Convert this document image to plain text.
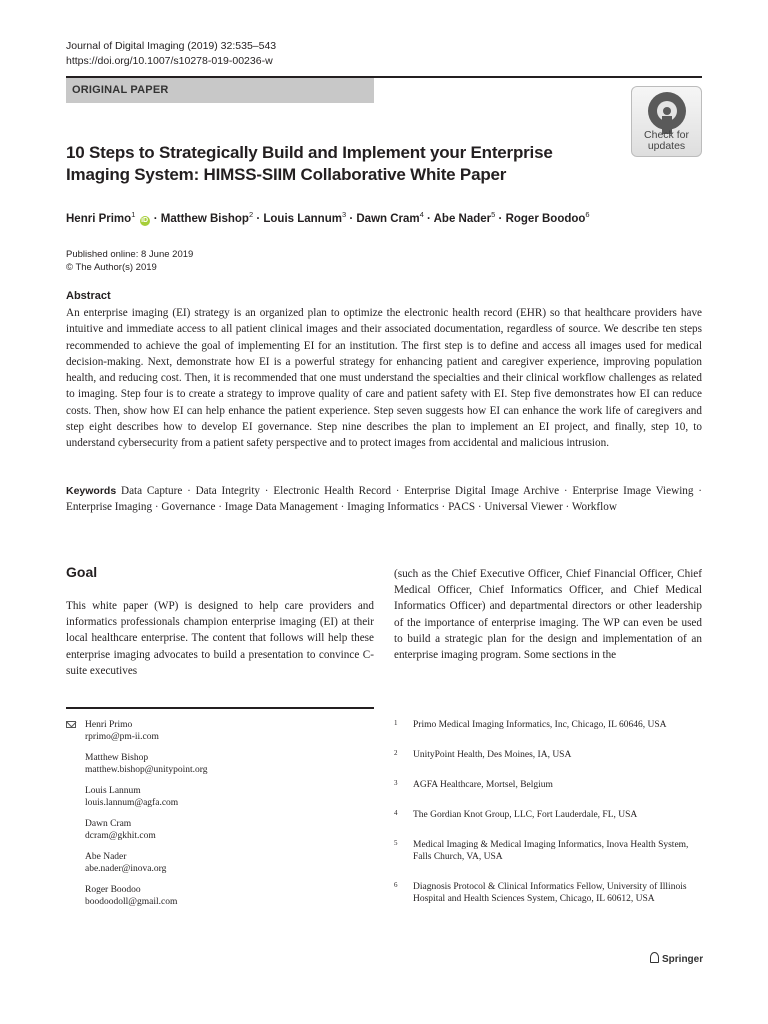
Journal of Digital Imaging (2019) 32:535–543
https://doi.org/10.1007/s10278-019-00236-w
ORIGINAL PAPER
Check for
updates
10 Steps to Strategically Build and Implement your Enterprise Imaging System: HIMSS-SIIM Collaborative White Paper
Henri Primo$^1$ iD · Matthew Bishop$^2$ · Louis Lannum$^3$ · Dawn Cram$^4$ · Abe Nader$^5$ · Roger Boodoo$^6$
Published online: 8 June 2019
© The Author(s) 2019
Abstract
An enterprise imaging (EI) strategy is an organized plan to optimize the electronic health record (EHR) so that healthcare providers have intuitive and immediate access to all patient clinical images and their associated documentation, regardless of source. We describe ten steps recommended to achieve the goal of implementing EI for an institution. The first step is to define and access all images used for medical decision-making. Next, demonstrate how EI is a powerful strategy for enhancing patient and caregiver experience, improving population health, and reducing cost. Then, it is recommended that one must understand the specialties and their clinical workflow challenges as related to imaging. Step four is to create a strategy to improve quality of care and patient safety with EI. Step five demonstrates how EI can reduce costs. Then, show how EI can help enhance the patient experience. Step seven suggests how EI can enhance the work life of caregivers and step eight describes how to develop EI governance. Step nine describes the plan to implement an EI project, and finally, step 10, to understand cybersecurity from a patient safety perspective and to protect images from accidental and malicious intrusion.
Keywords Data Capture · Data Integrity · Electronic Health Record · Enterprise Digital Image Archive · Enterprise Image Viewing · Enterprise Imaging · Governance · Image Data Management · Imaging Informatics · PACS · Universal Viewer · Workflow
Goal
This white paper (WP) is designed to help care providers and informatics professionals champion enterprise imaging (EI) at their local healthcare enterprise. The content that follows will help these enterprise imaging advocates to build a presentation to convince C-suite executives
(such as the Chief Executive Officer, Chief Financial Officer, Chief Medical Officer, Chief Informatics Officer, and Chief Medical Informatics Officer) and departmental directors or other leadership of the importance of enterprise imaging. The WP can even be used to build a strategic plan for the design and implementation of an enterprise imaging program. Some sections in the
Henri Primo
rprimo@pm-ii.com
Matthew Bishop
matthew.bishop@unitypoint.org
Louis Lannum
louis.lannum@agfa.com
Dawn Cram
dcram@gkhit.com
Abe Nader
abe.nader@inova.org
Roger Boodoo
boodoodoll@gmail.com
1 Primo Medical Imaging Informatics, Inc, Chicago, IL 60646, USA
2 UnityPoint Health, Des Moines, IA, USA
3 AGFA Healthcare, Mortsel, Belgium
4 The Gordian Knot Group, LLC, Fort Lauderdale, FL, USA
5 Medical Imaging & Medical Imaging Informatics, Inova Health System, Falls Church, VA, USA
6 Diagnosis Protocol & Clinical Informatics Fellow, University of Illinois Hospital and Health Sciences System, Chicago, IL 60612, USA
Springer
